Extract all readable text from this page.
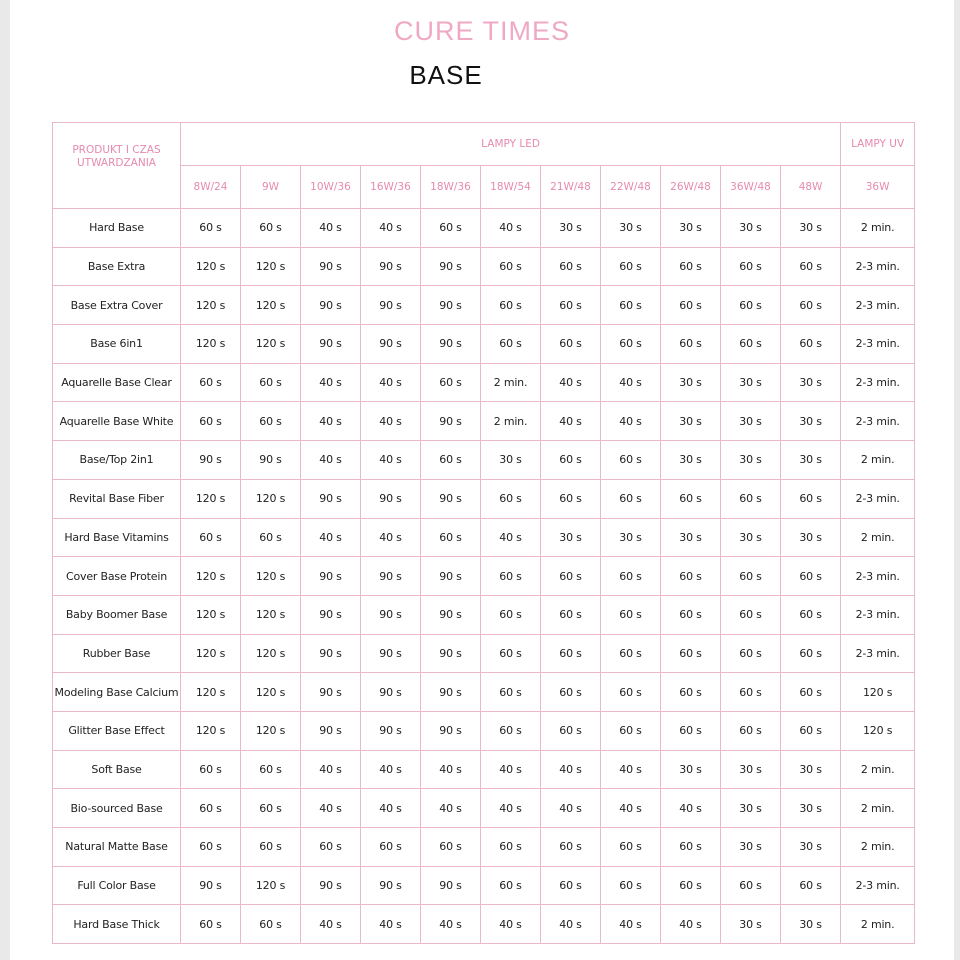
CURE TIMES
BASE
PRODUKT I CZAS UTWARDZANIA	LAMPY LED											LAMPY UV
	8W/24	9W	10W/36	16W/36	18W/36	18W/54	21W/48	22W/48	26W/48	36W/48	48W	36W
Hard Base	60 s	60 s	40 s	40 s	60 s	40 s	30 s	30 s	30 s	30 s	30 s	2 min.
Base Extra	120 s	120 s	90 s	90 s	90 s	60 s	60 s	60 s	60 s	60 s	60 s	2-3 min.
Base Extra Cover	120 s	120 s	90 s	90 s	90 s	60 s	60 s	60 s	60 s	60 s	60 s	2-3 min.
Base 6in1	120 s	120 s	90 s	90 s	90 s	60 s	60 s	60 s	60 s	60 s	60 s	2-3 min.
Aquarelle Base Clear	60 s	60 s	40 s	40 s	60 s	2 min.	40 s	40 s	30 s	30 s	30 s	2-3 min.
Aquarelle Base White	60 s	60 s	40 s	40 s	90 s	2 min.	40 s	40 s	30 s	30 s	30 s	2-3 min.
Base/Top 2in1	90 s	90 s	40 s	40 s	60 s	30 s	60 s	60 s	30 s	30 s	30 s	2 min.
Revital Base Fiber	120 s	120 s	90 s	90 s	90 s	60 s	60 s	60 s	60 s	60 s	60 s	2-3 min.
Hard Base Vitamins	60 s	60 s	40 s	40 s	60 s	40 s	30 s	30 s	30 s	30 s	30 s	2 min.
Cover Base Protein	120 s	120 s	90 s	90 s	90 s	60 s	60 s	60 s	60 s	60 s	60 s	2-3 min.
Baby Boomer Base	120 s	120 s	90 s	90 s	90 s	60 s	60 s	60 s	60 s	60 s	60 s	2-3 min.
Rubber Base	120 s	120 s	90 s	90 s	90 s	60 s	60 s	60 s	60 s	60 s	60 s	2-3 min.
Modeling Base Calcium	120 s	120 s	90 s	90 s	90 s	60 s	60 s	60 s	60 s	60 s	60 s	120 s
Glitter Base Effect	120 s	120 s	90 s	90 s	90 s	60 s	60 s	60 s	60 s	60 s	60 s	120 s
Soft Base	60 s	60 s	40 s	40 s	40 s	40 s	40 s	40 s	30 s	30 s	30 s	2 min.
Bio-sourced Base	60 s	60 s	40 s	40 s	40 s	40 s	40 s	40 s	40 s	30 s	30 s	2 min.
Natural Matte Base	60 s	60 s	60 s	60 s	60 s	60 s	60 s	60 s	60 s	30 s	30 s	2 min.
Full Color Base	90 s	120 s	90 s	90 s	90 s	60 s	60 s	60 s	60 s	60 s	60 s	2-3 min.
Hard Base Thick	60 s	60 s	40 s	40 s	40 s	40 s	40 s	40 s	40 s	30 s	30 s	2 min.
